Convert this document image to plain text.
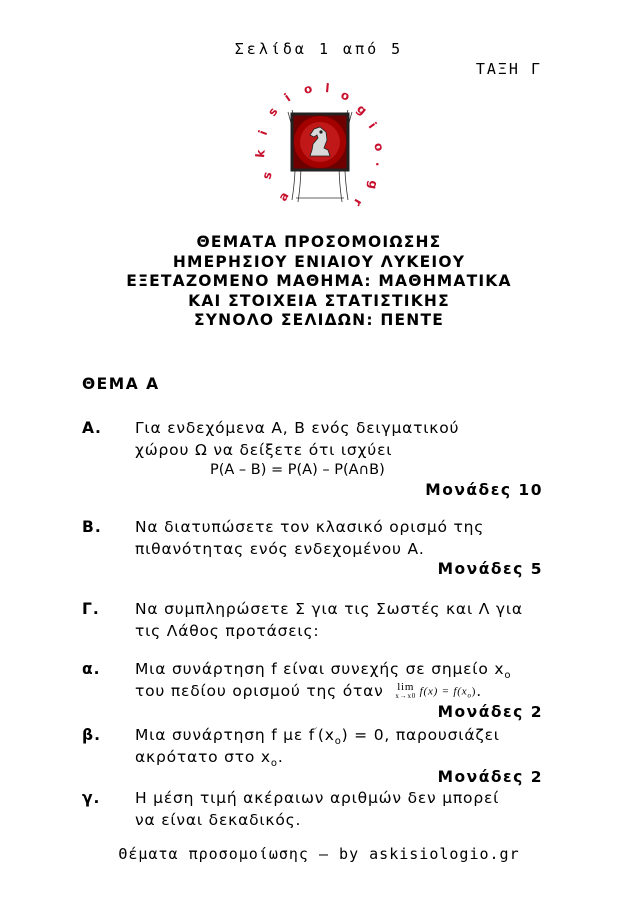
Σελίδα 1 από 5
ΤΑΞΗ Γ
a
s
k
i
s
i
o l o
g
i
o
.
g
r
ΘΕΜΑΤΑ ΠΡΟΣΟΜΟΙΩΣΗΣ
ΗΜΕΡΗΣΙΟΥ ΕΝΙΑΙΟΥ ΛΥΚΕΙΟΥ
ΕΞΕΤΑΖΟΜΕΝΟ ΜΑΘΗΜΑ: ΜΑΘΗΜΑΤΙΚΑ
ΚΑΙ ΣΤΟΙΧΕΙΑ ΣΤΑΤΙΣΤΙΚΗΣ
ΣΥΝΟΛΟ ΣΕΛΙΔΩΝ: ΠΕΝΤΕ
ΘΕΜΑ Α
Α. Για ενδεχόμενα Α, Β ενός δειγματικού
χώρου Ω να δείξετε ότι ισχύει
P(A – B) = P(A) – P(A∩B)
Μονάδες 10
Β. Να διατυπώσετε τον κλασικό ορισμό της
πιθανότητας ενός ενδεχομένου Α.
Μονάδες 5
Γ. Να συμπληρώσετε Σ για τις Σωστές και Λ για
τις Λάθος προτάσεις:
α. Μια συνάρτηση f είναι συνεχής σε σημείο $x_o$
του πεδίου ορισμού της όταν lim
x→x0 $f(x) = f(x_o)$.
Μονάδες 2
β. Μια συνάρτηση f με $f'(x_o) = 0$, παρουσιάζει
ακρότατο στο $x_o$.
Μονάδες 2
γ. Η μέση τιμή ακέραιων αριθμών δεν μπορεί
να είναι δεκαδικός.
Θέματα προσομοίωσης – by askisiologio.gr
